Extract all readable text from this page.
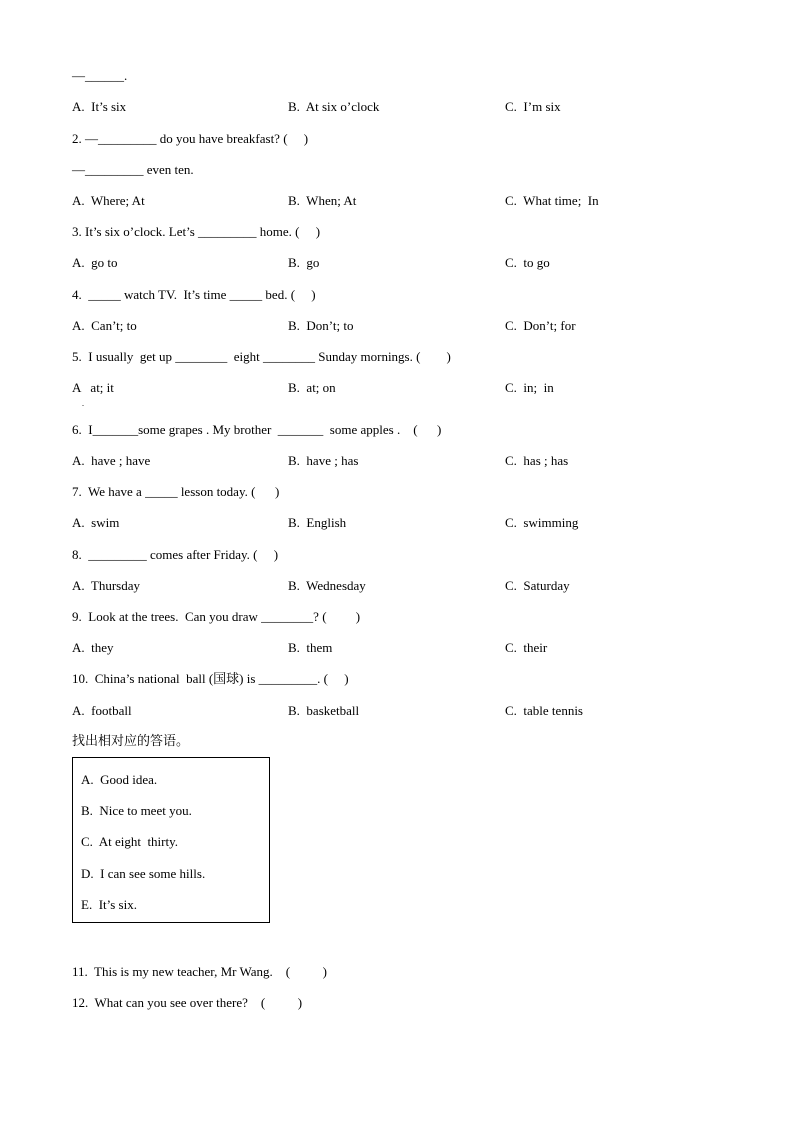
—______.
A.  It’s six	B.  At six o’clock	C.  I’m six
2. —_________ do you have breakfast? (     )
—_________ even ten.
A.  Where; At	B.  When; At	C.  What time;  In
3. It’s six o’clock. Let’s _________ home. (     )
A.  go to	B.  go	C.  to go
4.  _____ watch TV.  It’s time _____ bed. (     )
A.  Can’t; to	B.  Don’t; to	C.  Don’t; for
5.  I usually  get up ________  eight ________ Sunday mornings. (        )
A   at; it	B.  at; on	C.  in;  in
.
6.  I_______some grapes . My brother  _______  some apples .    (      )
A.  have ; have	B.  have ; has	C.  has ; has
7.  We have a _____ lesson today. (      )
A.  swim	B.  English	C.  swimming
8.  _________ comes after Friday. (     )
A.  Thursday	B.  Wednesday	C.  Saturday
9.  Look at the trees.  Can you draw ________? (         )
A.  they	B.  them	C.  their
10.  China’s national  ball (国球) is _________. (     )
A.  football	B.  basketball	C.  table tennis
找出相对应的答语。
A.  Good idea.
B.  Nice to meet you.
C.  At eight  thirty.
D.  I can see some hills.
E.  It’s six.
11.  This is my new teacher, Mr Wang.    (          )
12.  What can you see over there?    (          )
